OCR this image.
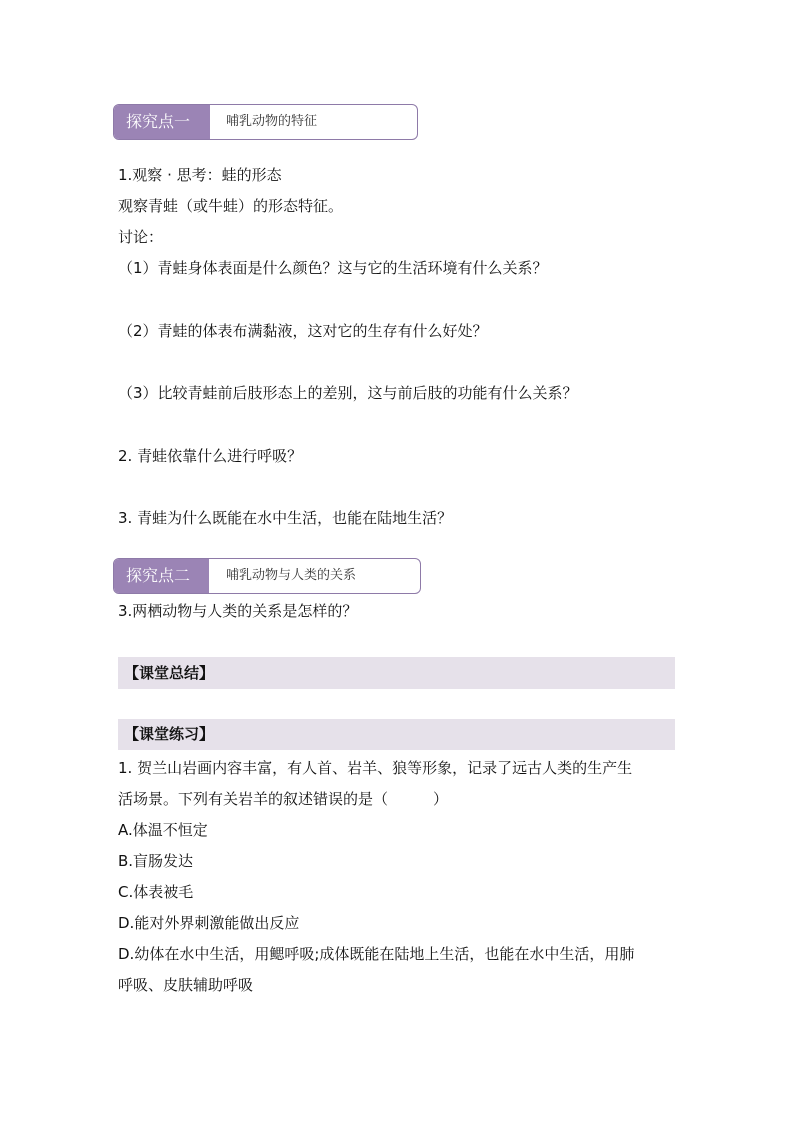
探究点一	哺乳动物的特征
1.观察 · 思考：蛙的形态
观察青蛙（或牛蛙）的形态特征。
讨论：
（1）青蛙身体表面是什么颜色？这与它的生活环境有什么关系？
（2）青蛙的体表布满黏液，这对它的生存有什么好处？
（3）比较青蛙前后肢形态上的差别，这与前后肢的功能有什么关系？
2. 青蛙依靠什么进行呼吸？
3. 青蛙为什么既能在水中生活，也能在陆地生活？
探究点二	哺乳动物与人类的关系
3.两栖动物与人类的关系是怎样的？
【课堂总结】
【课堂练习】
1. 贺兰山岩画内容丰富，有人首、岩羊、狼等形象，记录了远古人类的生产生
活场景。下列有关岩羊的叙述错误的是（　　　）
A.体温不恒定
B.盲肠发达
C.体表被毛
D.能对外界刺激能做出反应
D.幼体在水中生活，用鳃呼吸;成体既能在陆地上生活，也能在水中生活，用肺
呼吸、皮肤辅助呼吸
